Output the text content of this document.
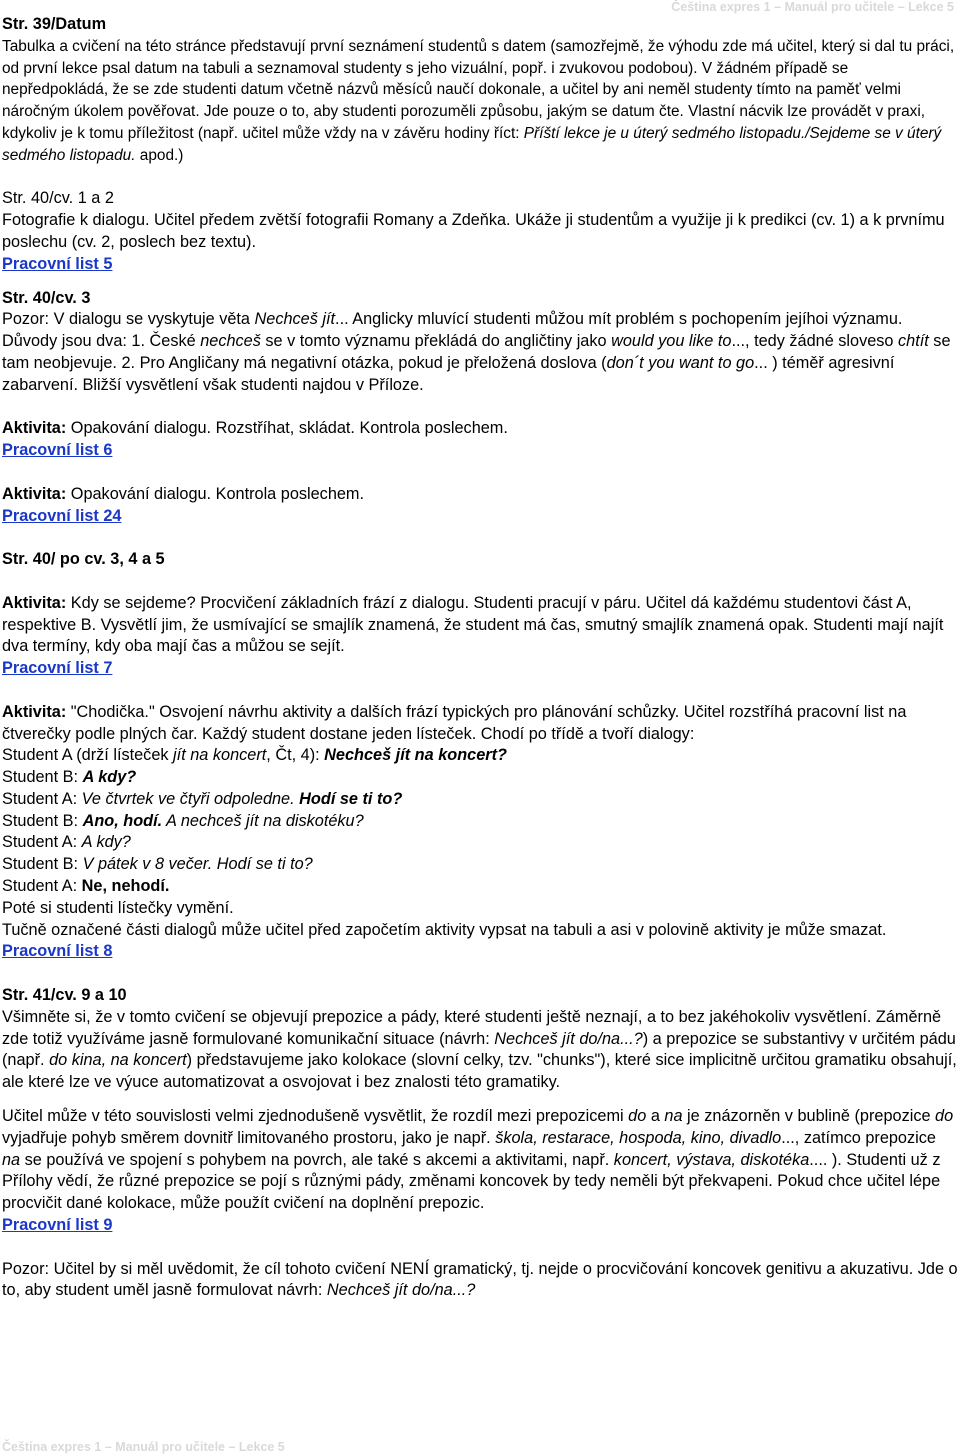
Čeština expres 1 – Manuál pro učitele – Lekce 5

Str. 39/Datum

Tabulka a cvičení na této stránce představují první seznámení studentů s datem (samozřejmě, že výhodu zde má učitel, který si dal tu práci, od první lekce psal datum na tabuli a seznamoval studenty s jeho vizuální, popř. i zvukovou podobou). V žádném případě se nepředpokládá, že se zde studenti datum včetně názvů měsíců naučí dokonale, a učitel by ani neměl studenty tímto na paměť velmi náročným úkolem pověřovat. Jde pouze o to, aby studenti porozuměli způsobu, jakým se datum čte. Vlastní nácvik lze provádět v praxi, kdykoliv je k tomu příležitost (např. učitel může vždy na v závěru hodiny říct: Příští lekce je u úterý sedmého listopadu./Sejdeme se v úterý sedmého listopadu. apod.)

Str. 40/cv. 1 a 2

Fotografie k dialogu. Učitel předem zvětší fotografii Romany a Zdeňka. Ukáže ji studentům a využije ji k predikci (cv. 1) a k prvnímu poslechu (cv. 2, poslech bez textu).

Pracovní list 5

Str. 40/cv. 3

Pozor: V dialogu se vyskytuje věta Nechceš jít... Anglicky mluvící studenti můžou mít problém s pochopením jejíhoi významu. Důvody jsou dva: 1. České nechceš se v tomto významu překládá do angličtiny jako would you like to..., tedy žádné sloveso chtít se tam neobjevuje. 2. Pro Angličany má negativní otázka, pokud je přeložená doslova (don´t you want to go... ) téměř agresivní zabarvení. Bližší vysvětlení však studenti najdou v Příloze.

Aktivita: Opakování dialogu. Rozstříhat, skládat. Kontrola poslechem.

Pracovní list 6

Aktivita: Opakování dialogu. Kontrola poslechem.

Pracovní list 24

Str. 40/ po cv. 3, 4 a 5

Aktivita: Kdy se sejdeme? Procvičení základních frází z dialogu. Studenti pracují v páru. Učitel dá každému studentovi část A, respektive B. Vysvětlí jim, že usmívající se smajlík znamená, že student má čas, smutný smajlík znamená opak. Studenti mají najít dva termíny, kdy oba mají čas a můžou se sejít.

Pracovní list 7

Aktivita: "Chodička." Osvojení návrhu aktivity a dalších frází typických pro plánování schůzky. Učitel rozstříhá pracovní list na čtverečky podle plných čar. Každý student dostane jeden lísteček. Chodí po třídě a tvoří dialogy:

Student A (drží lísteček jít na koncert, Čt, 4): Nechceš jít na koncert?

Student B: A kdy?

Student A: Ve čtvrtek ve čtyři odpoledne. Hodí se ti to?

Student B: Ano, hodí. A nechceš jít na diskotéku?

Student A: A kdy?

Student B: V pátek v 8 večer. Hodí se ti to?

Student A: Ne, nehodí.

Poté si studenti lístečky vymění.

Tučně označené části dialogů může učitel před započetím aktivity vypsat na tabuli a asi v polovině aktivity je může smazat.

Pracovní list 8

Str. 41/cv. 9 a 10

Všimněte si, že v tomto cvičení se objevují prepozice a pády, které studenti ještě neznají, a to bez jakéhokoliv vysvětlení. Záměrně zde totiž využíváme jasně formulované komunikační situace (návrh: Nechceš jít do/na...?) a prepozice se substantivy v určitém pádu (např. do kina, na koncert) představujeme jako kolokace (slovní celky, tzv. "chunks"), které sice implicitně určitou gramatiku obsahují, ale které lze ve výuce automatizovat a osvojovat i bez znalosti této gramatiky.

Učitel může v této souvislosti velmi zjednodušeně vysvětlit, že rozdíl mezi prepozicemi do a na je znázorněn v bublině (prepozice do vyjadřuje pohyb směrem dovnitř limitovaného prostoru, jako je např. škola, restarace, hospoda, kino, divadlo..., zatímco prepozice na se používá ve spojení s pohybem na povrch, ale také s akcemi a aktivitami, např. koncert, výstava, diskotéka.... ). Studenti už z Přílohy vědí, že různé prepozice se pojí s různými pády, změnami koncovek by tedy neměli být překvapeni. Pokud chce učitel lépe procvičit dané kolokace, může použít cvičení na doplnění prepozic.

Pracovní list 9

Pozor: Učitel by si měl uvědomit, že cíl tohoto cvičení NENÍ gramatický, tj. nejde o procvičování koncovek genitivu a akuzativu. Jde o to, aby student uměl jasně formulovat návrh: Nechceš jít do/na...?

Čeština expres 1 – Manuál pro učitele – Lekce 5
